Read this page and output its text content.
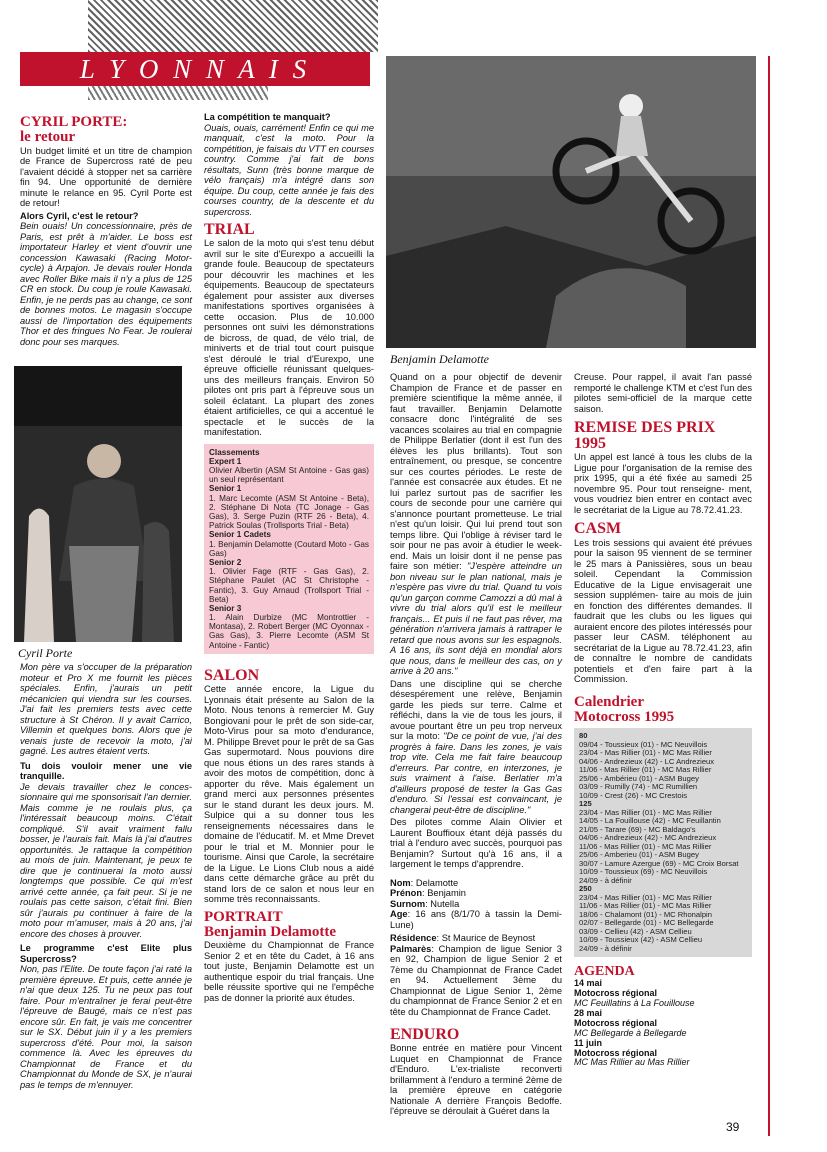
L Y O N N A I S
CYRIL PORTE:
le retour

Un budget limité et un titre de champion de France de Supercross raté de peu l'avaient décidé à stopper net sa carrière fin 94. Une opportunité de dernière minute le relance en 95. Cyril Porte est de retour!

Alors Cyril, c'est le retour?

Bein ouais! Un concessionnaire, près de Paris, est prêt à m'aider. Le boss est importateur Harley et vient d'ouvrir une concession Kawasaki (Racing Motor- cycle) à Arpajon. Je devais rouler Honda avec Roller Bike mais il n'y a plus de 125 CR en stock. Du coup je roule Kawasaki. Enfin, je ne perds pas au change, ce sont de bonnes motos. Le magasin s'occupe aussi de l'importation des équipements Thor et des fringues No Fear. Je roulerai donc pour ses marques.

Cyril Porte

Mon père va s'occuper de la préparation moteur et Pro X me fournit les pièces spéciales. Enfin, j'aurais un petit mécanicien qui viendra sur les courses. J'ai fait les premiers tests avec cette structure à St Chéron. Il y avait Carrico, Villemin et quelques bons. Alors que je venais juste de recevoir la moto, j'ai gagné. Les autres étaient verts.

Tu dois vouloir mener une vie tranquille.

Je devais travailler chez le conces- sionnaire qui me sponsorisait l'an dernier. Mais comme je ne roulais plus, ça l'intéressait beaucoup moins. C'était compliqué. S'il avait vraiment fallu bosser, je l'aurais fait. Mais là j'ai d'autres opportunités. Je rattaque la compétition au mois de juin. Maintenant, je peux te dire que je continuerai la moto aussi longtemps que possible. Ce qui m'est arrivé cette année, ça fait peur. Si je ne roulais pas cette saison, c'était fini. Bien sûr j'aurais pu continuer à faire de la moto pour m'amuser, mais à 20 ans, j'ai encore des choses à prouver.

Le programme c'est Elite plus Supercross?

Non, pas l'Elite. De toute façon j'ai raté la première épreuve. Et puis, cette année je n'ai que deux 125. Tu ne peux pas tout faire. Pour m'entraîner je ferai peut-être l'épreuve de Baugé, mais ce n'est pas encore sûr. En fait, je vais me concentrer sur le SX. Début juin il y a les premiers supercross d'été. Pour moi, la saison commence là. Avec les épreuves du Championnat de France et du Championnat du Monde de SX, je n'aurai pas le temps de m'ennuyer.

La compétition te manquait?

Ouais, ouais, carrément! Enfin ce qui me manquait, c'est la moto. Pour la compétition, je faisais du VTT en courses country. Comme j'ai fait de bons résultats, Sunn (très bonne marque de vélo français) m'a intégré dans son équipe. Du coup, cette année je fais des courses country, de la descente et du supercross.

TRIAL

Le salon de la moto qui s'est tenu début avril sur le site d'Eurexpo a accueilli la grande foule. Beaucoup de spectateurs pour découvrir les machines et les équipements. Beaucoup de spectateurs également pour assister aux diverses manifestations sportives organisées à cette occasion. Plus de 10.000 personnes ont suivi les démonstrations de bicross, de quad, de vélo trial, de miniverts et de trial tout court puisque s'est déroulé le trial d'Eurexpo, une épreuve officielle réunissant quelques-uns des meilleurs français. Environ 50 pilotes ont pris part à l'épreuve sous un soleil éclatant. La plupart des zones étaient artificielles, ce qui a accentué le spectacle et le succès de la manifestation.

Classements
Expert 1
Olivier Albertin (ASM St Antoine - Gas gas) un seul représentant
Senior 1
1. Marc Lecomte (ASM St Antoine - Beta), 2. Stéphane Di Nota (TC Jonage - Gas Gas), 3. Serge Puzin (RTF 26 - Beta), 4. Patrick Soulas (Trollsports Trial - Beta)
Senior 1 Cadets
1. Benjamin Delamotte (Coutard Moto - Gas Gas)
Senior 2
1. Olivier Fage (RTF - Gas Gas), 2. Stéphane Paulet (AC St Christophe - Fantic), 3. Guy Arnaud (Trollsport Trial - Beta)
Senior 3
1. Alain Durbize (MC Montrottier - Montasa), 2. Robert Berger (MC Oyonnax - Gas Gas), 3. Pierre Lecomte (ASM St Antoine - Fantic)
SALON

Cette année encore, la Ligue du Lyonnais était présente au Salon de la Moto. Nous tenons à remercier M. Guy Bongiovani pour le prêt de son side-car, Moto-Virus pour sa moto d'endurance, M. Philippe Brevet pour le prêt de sa Gas Gas supermotard. Nous pouvions dire que nous étions un des rares stands à avoir des motos de compétition, donc à apporter du rêve. Mais également un grand merci aux personnes présentes sur le stand durant les deux jours. M. Sulpice qui a su donner tous les renseignements nécessaires dans le domaine de l'éducatif. M. et Mme Drevet pour le trial et M. Monnier pour le tourisme. Ainsi que Carole, la secrétaire de la Ligue. Le Lions Club nous a aidé dans cette démarche grâce au prêt du stand lors de ce salon et nous leur en somme très reconnaissants.

PORTRAIT
Benjamin Delamotte

Deuxième du Championnat de France Senior 2 et en tête du Cadet, à 16 ans tout juste, Benjamin Delamotte est un authentique espoir du trial français. Une belle réussite sportive qui ne l'empêche pas de donner la priorité aux études.

Benjamin Delamotte

Quand on a pour objectif de devenir Champion de France et de passer en première scientifique la même année, il faut travailler. Benjamin Delamotte consacre donc l'intégralité de ses vacances scolaires au trial en compagnie de Philippe Berlatier (dont il est l'un des élèves les plus brillants). Tout son entraînement, ou presque, se concentre sur ces courtes périodes. Le reste de l'année est consacrée aux études. Et ne lui parlez surtout pas de sacrifier les cours de seconde pour une carrière qui s'annonce pourtant prometteuse. Le trial n'est qu'un loisir. Qui lui prend tout son temps libre. Qui l'oblige à réviser tard le soir pour ne pas avoir à étudier le week-end. Mais un loisir dont il ne pense pas faire son métier: "J'espère atteindre un bon niveau sur le plan national, mais je n'espère pas vivre du trial. Quand tu vois qu'un garçon comme Camozzi a dû mal à vivre du trial alors qu'il est le meilleur français... Et puis il ne faut pas rêver, ma génération n'arrivera jamais à rattraper le retard que nous avons sur les espagnols. A 16 ans, ils sont déjà en mondial alors que nous, dans le meilleur des cas, on y arrive à 20 ans."

Dans une discipline qui se cherche désespérement une relève, Benjamin garde les pieds sur terre. Calme et réfléchi, dans la vie de tous les jours, il avoue pourtant être un peu trop nerveux sur la moto: "De ce point de vue, j'ai des progrès à faire. Dans les zones, je vais trop vite. Cela me fait faire beaucoup d'erreurs. Par contre, en interzones, je suis vraiment à l'aise. Berlatier m'a d'ailleurs proposé de tester la Gas Gas d'enduro. Si l'essai est convaincant, je changerai peut-être de discipline."

Des pilotes comme Alain Olivier et Laurent Bouffioux étant déjà passés du trial à l'enduro avec succès, pourquoi pas Benjamin? Surtout qu'à 16 ans, il a largement le temps d'apprendre.

Nom: Delamotte
Prénon: Benjamin
Surnom: Nutella
Age: 16 ans (8/1/70 à tassin la Demi-Lune)
Résidence: St Maurice de Beynost
Palmarès: Champion de ligue Senior 3 en 92, Champion de ligue Senior 2 et 7ème du Championnat de France Cadet en 94. Actuellement 3ème du Championnat de Ligue Senior 1, 2ème du championnat de France Senior 2 et en tête du Championnat de France Cadet.
ENDURO

Bonne entrée en matière pour Vincent Luquet en Championnat de France d'Enduro. L'ex-trialiste reconverti brillamment à l'enduro a terminé 2ème de la première épreuve en catégorie Nationale A derrière François Bedoffe. l'épreuve se déroulait à Guéret dans la

Creuse. Pour rappel, il avait l'an passé remporté le challenge KTM et c'est l'un des pilotes semi-officiel de la marque cette saison.

REMISE DES PRIX
1995

Un appel est lancé à tous les clubs de la Ligue pour l'organisation de la remise des prix 1995, qui a été fixée au samedi 25 novembre 95. Pour tout renseigne- ment, vous voudriez bien entrer en contact avec le secrétariat de la Ligue au 78.72.41.23.

CASM

Les trois sessions qui avaient été prévues pour la saison 95 viennent de se terminer le 25 mars à Panissières, sous un beau soleil. Cependant la Commission Educative de la Ligue envisagerait une session supplémen- taire au mois de juin en fonction des différentes demandes. Il faudrait que les clubs ou les ligues qui auraient encore des pilotes intéressés pour passer leur CASM. téléphonent au secrétariat de la Ligue au 78.72.41.23, afin de connaître le nombre de candidats potentiels et d'en faire part à la Commission.

Calendrier
Motocross 1995
80
09/04 - Toussieux (01) - MC Neuvillois
23/04 - Mas Rillier (01) - MC Mas Rillier
04/06 - Andrezieux (42) - LC Andrezieux
11/06 - Mas Rillier (01) - MC Mas Rillier
25/06 - Ambérieu (01) - ASM Bugey
03/09 - Rumilly (74) - MC Rumillien
10/09 - Crest (26) - MC Crestois
125
23/04 - Mas Rillier (01) - MC Mas Rillier
14/05 - La Fouillouse (42) - MC Feuillantin
21/05 - Tarare (69) - MC Baldago's
04/06 - Andrezieux (42) - MC Andrezieux
11/06 - Mas Rillier (01) - MC Mas Rillier
25/06 - Amberieu (01) - ASM Bugey
30/07 - Lamure Azergue (69) - MC Croix Borsat
10/09 - Toussieux (69) - MC Neuvillois
24/09 - à définir
250
23/04 - Mas Rillier (01) - MC Mas Rillier
11/06 - Mas Rillier (01) - MC Mas Rillier
18/06 - Chalamont (01) - MC Rhonalpin
02/07 - Bellegarde (01) - MC Bellegarde
03/09 - Cellieu (42) - ASM Cellieu
10/09 - Toussieux (42) - ASM Cellieu
24/09 - à définir
AGENDA
14 mai
Motocross régional
MC Feuillatins à La Fouillouse
28 mai
Motocross régional
MC Bellegarde à Bellegarde
11 juin
Motocross régional
MC Mas Rillier au Mas Rillier
39
